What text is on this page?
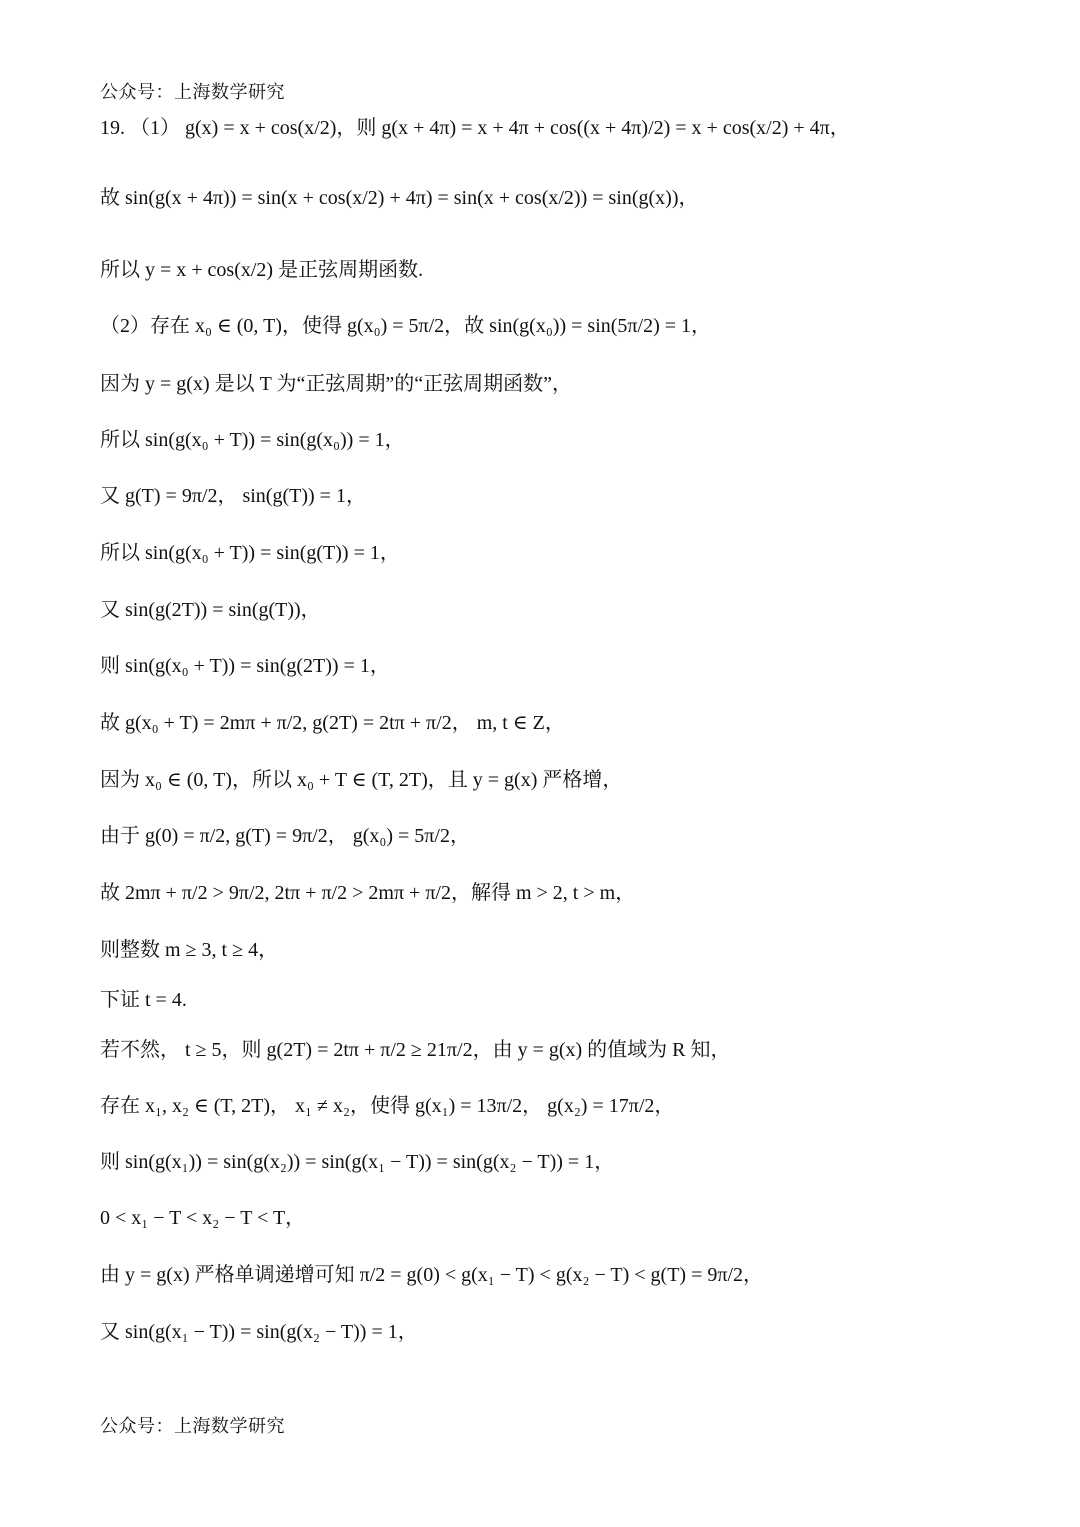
公众号：上海数学研究
19. （1） g(x) = x + cos(x/2)，则 g(x + 4π) = x + 4π + cos((x + 4π)/2) = x + cos(x/2) + 4π，
故 sin(g(x + 4π)) = sin(x + cos(x/2) + 4π) = sin(x + cos(x/2)) = sin(g(x))，
所以 y = x + cos(x/2) 是正弦周期函数.
（2）存在 x₀ ∈ (0, T)，使得 g(x₀) = 5π/2，故 sin(g(x₀)) = sin(5π/2) = 1，
因为 y = g(x) 是以 T 为“正弦周期”的“正弦周期函数”，
所以 sin(g(x₀ + T)) = sin(g(x₀)) = 1，
又 g(T) = 9π/2， sin(g(T)) = 1，
所以 sin(g(x₀ + T)) = sin(g(T)) = 1，
又 sin(g(2T)) = sin(g(T))，
则 sin(g(x₀ + T)) = sin(g(2T)) = 1，
故 g(x₀ + T) = 2mπ + π/2, g(2T) = 2tπ + π/2， m, t ∈ Z，
因为 x₀ ∈ (0, T)，所以 x₀ + T ∈ (T, 2T)，且 y = g(x) 严格增，
由于 g(0) = π/2, g(T) = 9π/2， g(x₀) = 5π/2，
故 2mπ + π/2 > 9π/2, 2tπ + π/2 > 2mπ + π/2，解得 m > 2, t > m，
则整数 m ≥ 3, t ≥ 4，
下证 t = 4.
若不然， t ≥ 5，则 g(2T) = 2tπ + π/2 ≥ 21π/2，由 y = g(x) 的值域为 R 知，
存在 x₁, x₂ ∈ (T, 2T)， x₁ ≠ x₂，使得 g(x₁) = 13π/2， g(x₂) = 17π/2，
则 sin(g(x₁)) = sin(g(x₂)) = sin(g(x₁ − T)) = sin(g(x₂ − T)) = 1，
0 < x₁ − T < x₂ − T < T，
由 y = g(x) 严格单调递增可知 π/2 = g(0) < g(x₁ − T) < g(x₂ − T) < g(T) = 9π/2，
又 sin(g(x₁ − T)) = sin(g(x₂ − T)) = 1，
公众号：上海数学研究
